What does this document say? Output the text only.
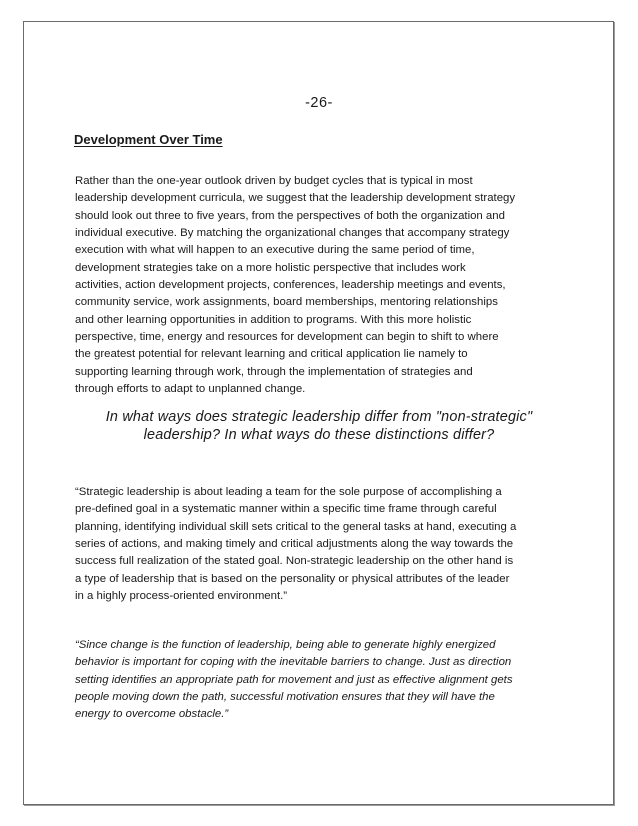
-26-
Development Over Time
Rather than the one-year outlook driven by budget cycles that is typical in most
leadership development curricula, we suggest that the leadership development strategy
should look out three to five years, from the perspectives of both the organization and
individual executive. By matching the organizational changes that accompany strategy
execution with what will happen to an executive during the same period of time,
development strategies take on a more holistic perspective that includes work
activities, action development projects, conferences, leadership meetings and events,
community service, work assignments, board memberships, mentoring relationships
and other learning opportunities in addition to programs. With this more holistic
perspective, time, energy and resources for development can begin to shift to where
the greatest potential for relevant learning and critical application lie namely to
supporting learning through work, through the implementation of strategies and
through efforts to adapt to unplanned change.
In what ways does strategic leadership differ from "non-strategic"
leadership? In what ways do these distinctions differ?
“Strategic leadership is about leading a team for the sole purpose of accomplishing a
pre-defined goal in a systematic manner within a specific time frame through careful
planning, identifying individual skill sets critical to the general tasks at hand, executing a
series of actions, and making timely and critical adjustments along the way towards the
success full realization of the stated goal. Non-strategic leadership on the other hand is
a type of leadership that is based on the personality or physical attributes of the leader
in a highly process-oriented environment.”
“Since change is the function of leadership, being able to generate highly energized
behavior is important for coping with the inevitable barriers to change. Just as direction
setting identifies an appropriate path for movement and just as effective alignment gets
people moving down the path, successful motivation ensures that they will have the
energy to overcome obstacle.”
